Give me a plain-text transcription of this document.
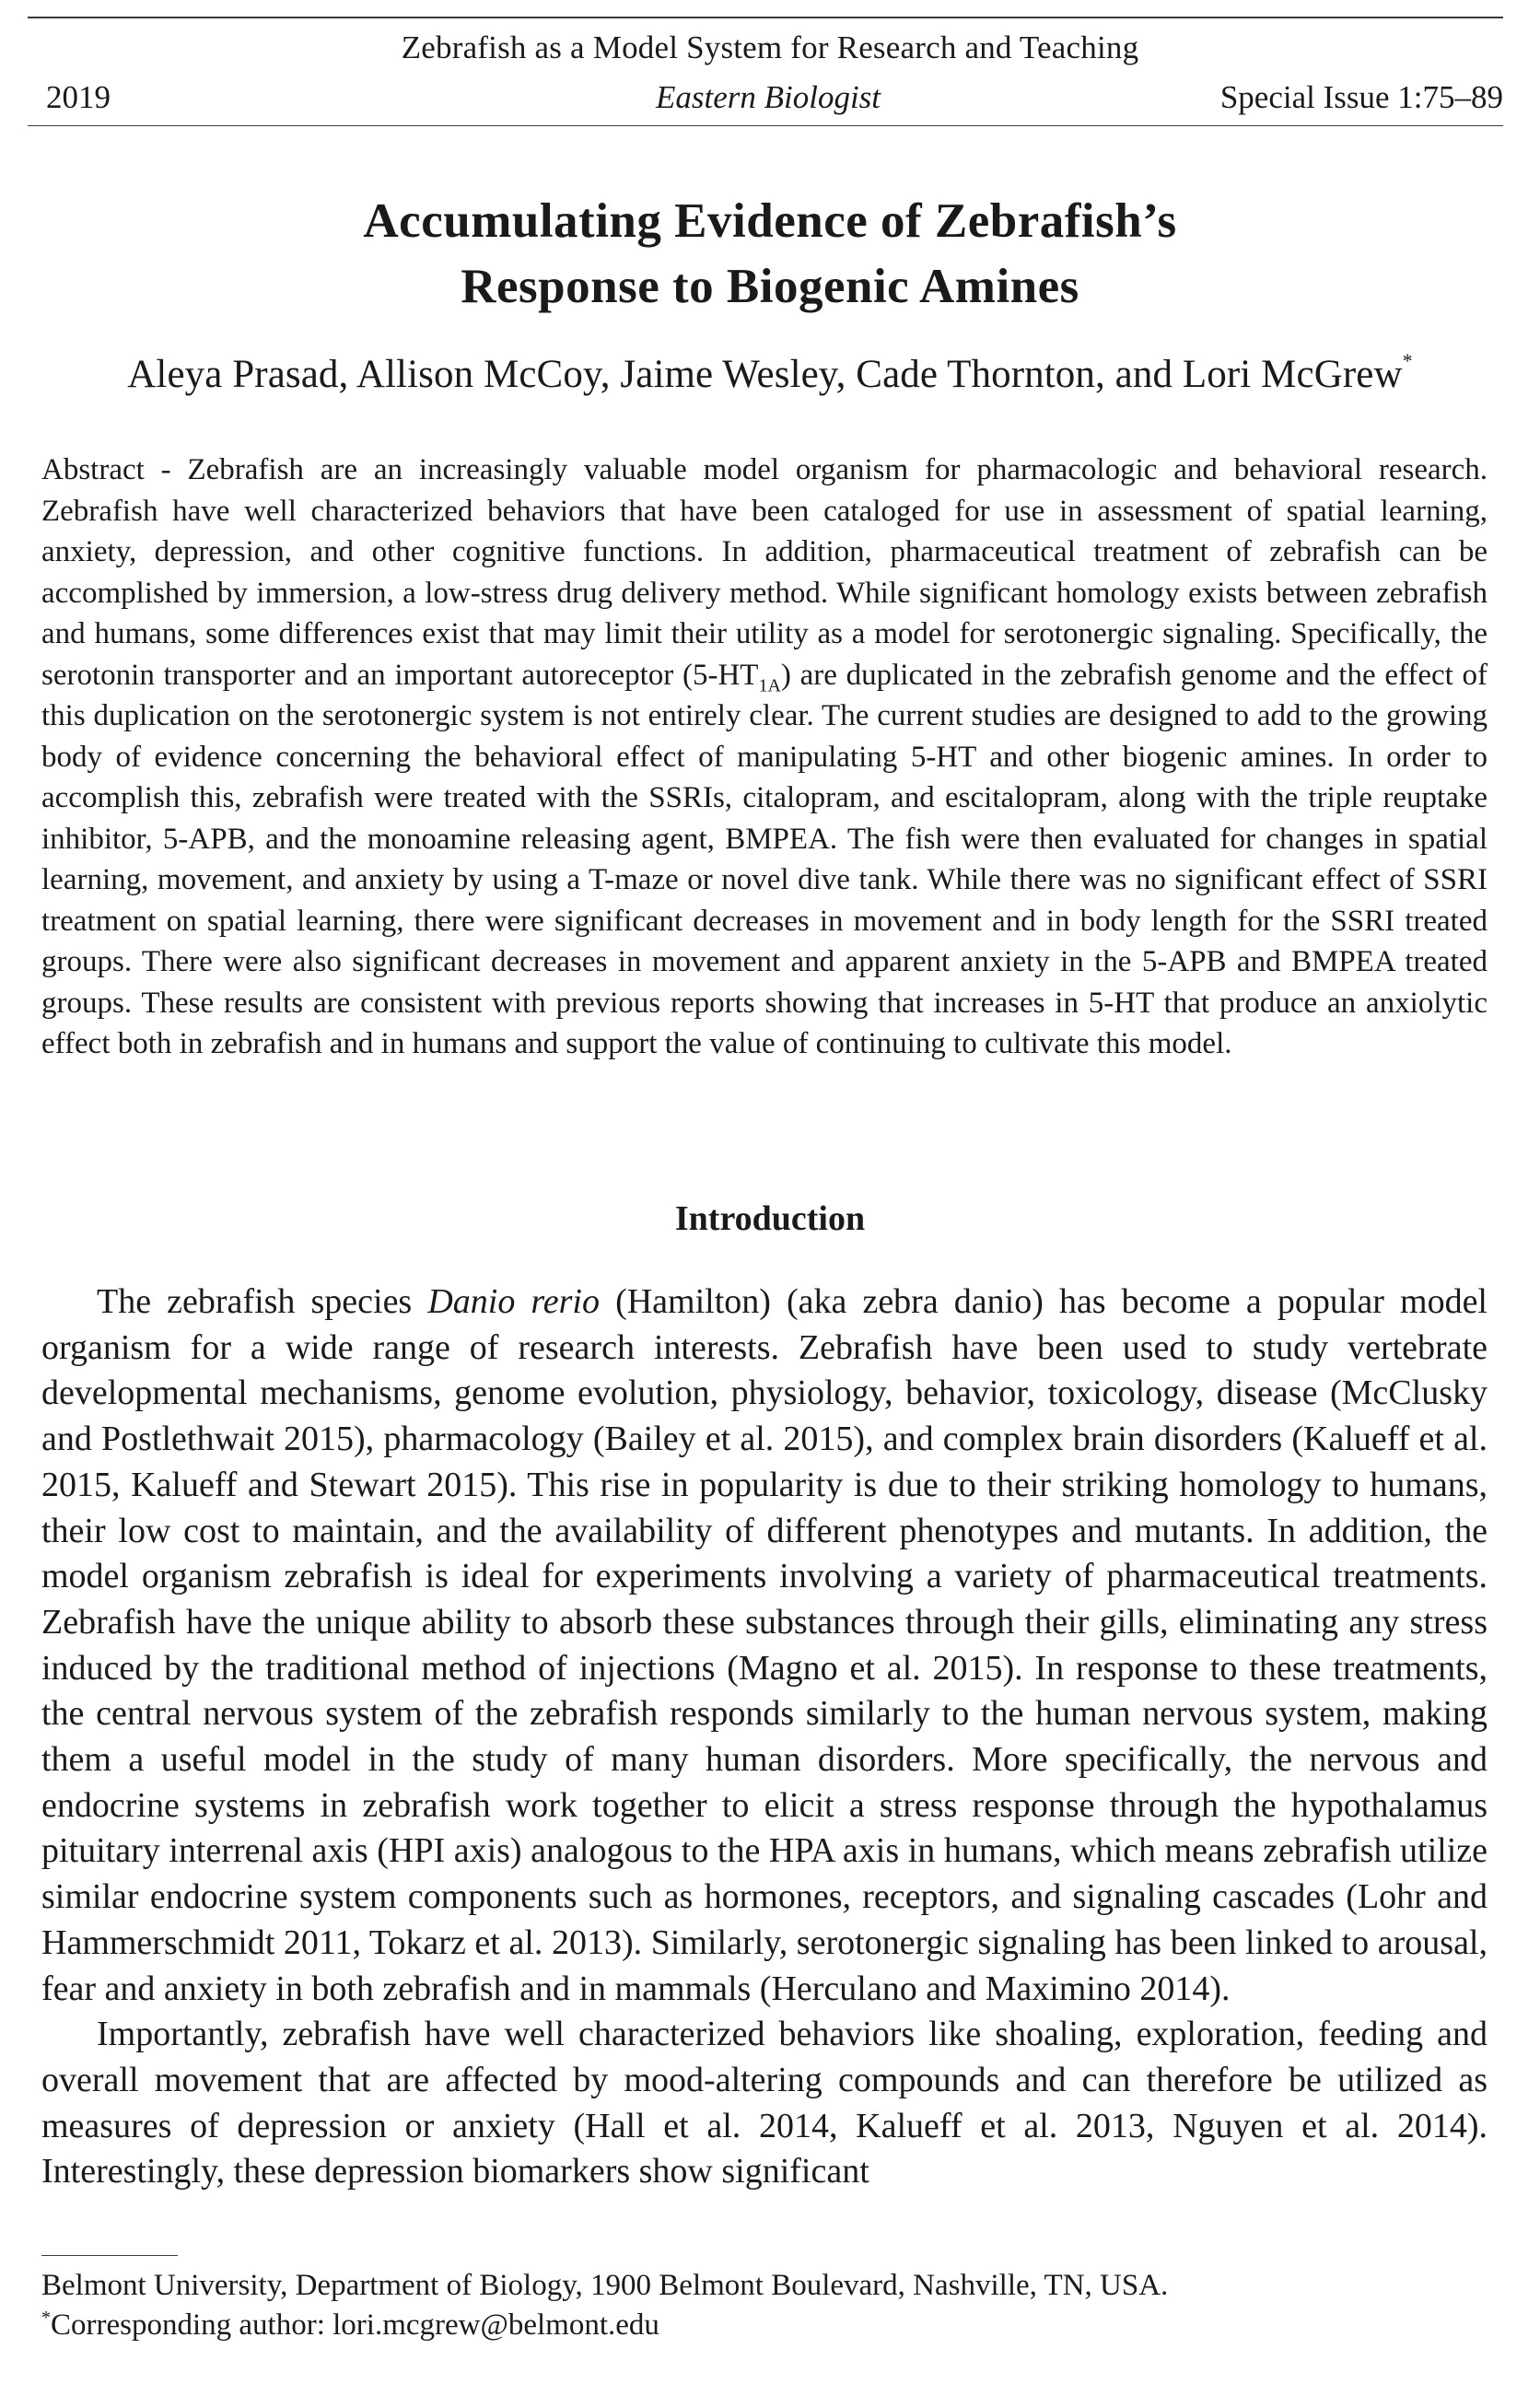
Zebrafish as a Model System for Research and Teaching
2019	Eastern Biologist	Special Issue 1:75–89
Accumulating Evidence of Zebrafish’s
Response to Biogenic Amines
Aleya Prasad, Allison McCoy, Jaime Wesley, Cade Thornton, and Lori McGrew*
Abstract - Zebrafish are an increasingly valuable model organism for pharmacologic and behavioral research. Zebrafish have well characterized behaviors that have been cataloged for use in assessment of spatial learning, anxiety, depression, and other cognitive functions. In addition, pharmaceutical treatment of zebrafish can be accomplished by immersion, a low-stress drug delivery method. While significant homology exists between zebrafish and humans, some differences exist that may limit their utility as a model for serotonergic signaling. Specifically, the serotonin transporter and an important autoreceptor $(5-HT_{1A})$ are duplicated in the zebrafish genome and the effect of this duplication on the serotonergic system is not entirely clear. The current studies are designed to add to the growing body of evidence concerning the behavioral effect of manipulating 5-HT and other biogenic amines. In order to accomplish this, zebrafish were treated with the SSRIs, citalopram, and escitalopram, along with the triple reuptake inhibitor, 5-APB, and the monoamine releasing agent, BMPEA. The fish were then evaluated for changes in spatial learning, movement, and anxiety by using a T-maze or novel dive tank. While there was no significant effect of SSRI treatment on spatial learning, there were significant decreases in movement and in body length for the SSRI treated groups. There were also significant decreases in movement and apparent anxiety in the 5-APB and BMPEA treated groups. These results are consistent with previous reports showing that increases in 5-HT that produce an anxiolytic effect both in zebrafish and in humans and support the value of continuing to cultivate this model.
Introduction

The zebrafish species Danio rerio (Hamilton) (aka zebra danio) has become a popular model organism for a wide range of research interests. Zebrafish have been used to study vertebrate developmental mechanisms, genome evolution, physiology, behavior, toxicology, disease (McClusky and Postlethwait 2015), pharmacology (Bailey et al. 2015), and complex brain disorders (Kalueff et al. 2015, Kalueff and Stewart 2015). This rise in popularity is due to their striking homology to humans, their low cost to maintain, and the availability of different phenotypes and mutants. In addition, the model organism zebrafish is ideal for experiments involving a variety of pharmaceutical treatments. Zebrafish have the unique ability to absorb these substances through their gills, eliminating any stress induced by the traditional method of injections (Magno et al. 2015). In response to these treatments, the central nervous system of the zebrafish responds similarly to the human nervous system, making them a useful model in the study of many human disorders. More specifically, the nervous and endocrine systems in zebrafish work together to elicit a stress response through the hypothalamus pituitary interrenal axis (HPI axis) analogous to the HPA axis in humans, which means zebrafish utilize similar endocrine system components such as hormones, receptors, and signaling cascades (Lohr and Hammerschmidt 2011, Tokarz et al. 2013). Similarly, serotonergic signaling has been linked to arousal, fear and anxiety in both zebrafish and in mammals (Herculano and Maximino 2014).

Importantly, zebrafish have well characterized behaviors like shoaling, exploration, feeding and overall movement that are affected by mood-altering compounds and can therefore be utilized as measures of depression or anxiety (Hall et al. 2014, Kalueff et al. 2013, Nguyen et al. 2014). Interestingly, these depression biomarkers show significant

Belmont University, Department of Biology, 1900 Belmont Boulevard, Nashville, TN, USA.
*Corresponding author: lori.mcgrew@belmont.edu
